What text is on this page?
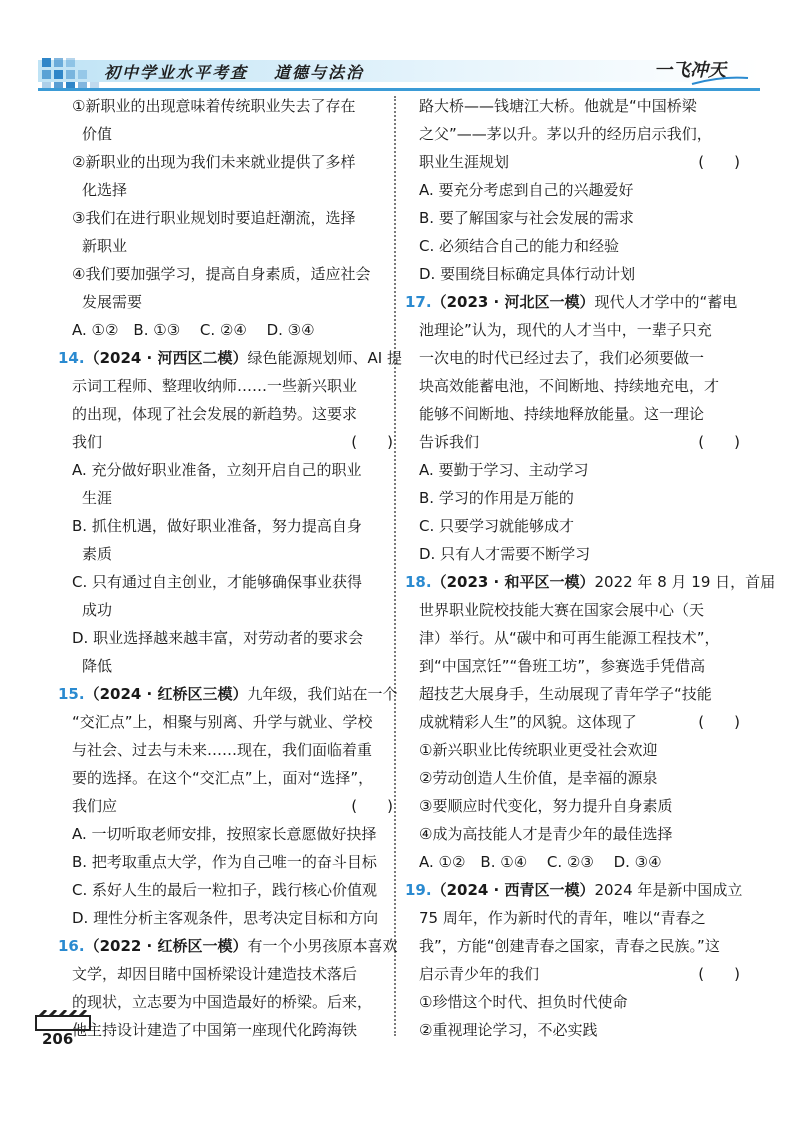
初中学业水平考查 道德与法治	一飞冲天
①新职业的出现意味着传统职业失去了存在
价值
②新职业的出现为我们未来就业提供了多样
化选择
③我们在进行职业规划时要追赶潮流，选择
新职业
④我们要加强学习，提高自身素质，适应社会
发展需要
A. ①②　B. ①③　 C. ②④　 D. ③④
14.（2024 · 河西区二模）绿色能源规划师、AI 提
示词工程师、整理收纳师……一些新兴职业
的出现，体现了社会发展的新趋势。这要求
我们	(　　)
A. 充分做好职业准备，立刻开启自己的职业
生涯
B. 抓住机遇，做好职业准备，努力提高自身
素质
C. 只有通过自主创业，才能够确保事业获得
成功
D. 职业选择越来越丰富，对劳动者的要求会
降低
15.（2024 · 红桥区三模）九年级，我们站在一个
“交汇点”上，相聚与别离、升学与就业、学校
与社会、过去与未来……现在，我们面临着重
要的选择。在这个“交汇点”上，面对“选择”，
我们应	(　　)
A. 一切听取老师安排，按照家长意愿做好抉择
B. 把考取重点大学，作为自己唯一的奋斗目标
C. 系好人生的最后一粒扣子，践行核心价值观
D. 理性分析主客观条件，思考决定目标和方向
16.（2022 · 红桥区一模）有一个小男孩原本喜欢
文学，却因目睹中国桥梁设计建造技术落后
的现状，立志要为中国造最好的桥梁。后来，
他主持设计建造了中国第一座现代化跨海铁
路大桥——钱塘江大桥。他就是“中国桥梁
之父”——茅以升。茅以升的经历启示我们，
职业生涯规划	(　　)
A. 要充分考虑到自己的兴趣爱好
B. 要了解国家与社会发展的需求
C. 必须结合自己的能力和经验
D. 要围绕目标确定具体行动计划
17.（2023 · 河北区一模）现代人才学中的“蓄电
池理论”认为，现代的人才当中，一辈子只充
一次电的时代已经过去了，我们必须要做一
块高效能蓄电池，不间断地、持续地充电，才
能够不间断地、持续地释放能量。这一理论
告诉我们	(　　)
A. 要勤于学习、主动学习
B. 学习的作用是万能的
C. 只要学习就能够成才
D. 只有人才需要不断学习
18.（2023 · 和平区一模）2022 年 8 月 19 日，首届
世界职业院校技能大赛在国家会展中心（天
津）举行。从“碳中和可再生能源工程技术”，
到“中国烹饪”“鲁班工坊”，参赛选手凭借高
超技艺大展身手，生动展现了青年学子“技能
成就精彩人生”的风貌。这体现了	(　　)
①新兴职业比传统职业更受社会欢迎
②劳动创造人生价值，是幸福的源泉
③要顺应时代变化，努力提升自身素质
④成为高技能人才是青少年的最佳选择
A. ①②　B. ①④　 C. ②③　 D. ③④
19.（2024 · 西青区一模）2024 年是新中国成立
75 周年，作为新时代的青年，唯以“青春之
我”，方能“创建青春之国家，青春之民族。”这
启示青少年的我们	(　　)
①珍惜这个时代、担负时代使命
②重视理论学习，不必实践
206
